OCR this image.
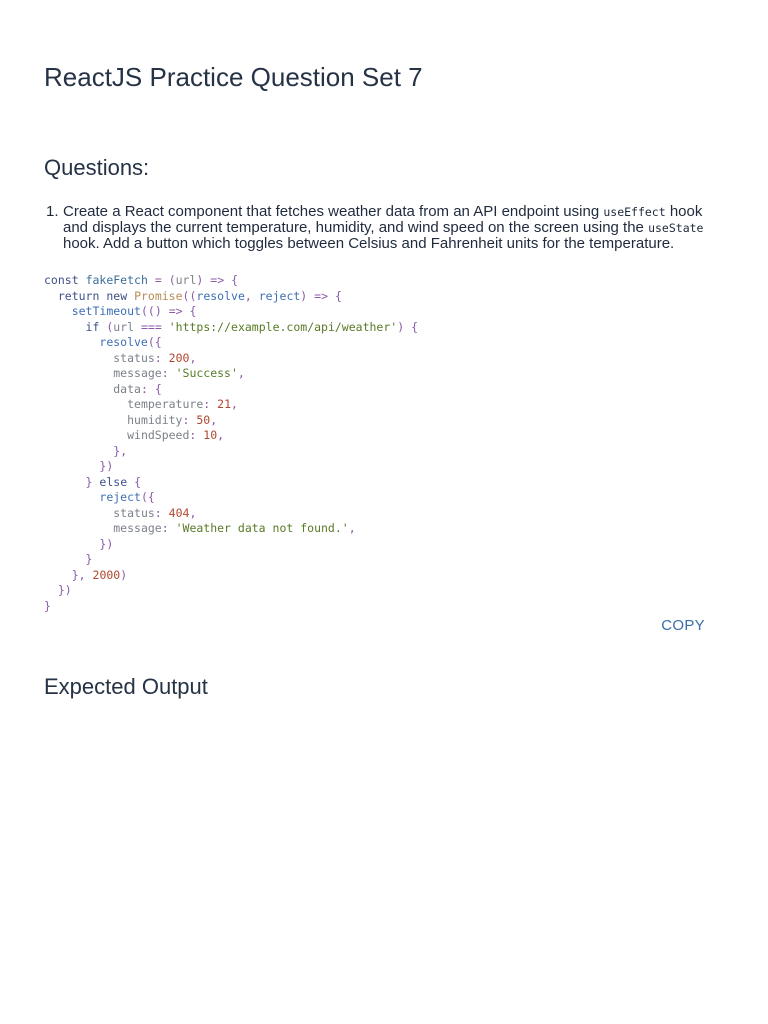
ReactJS Practice Question Set 7
Questions:
1. Create a React component that fetches weather data from an API endpoint using useEffect hook and displays the current temperature, humidity, and wind speed on the screen using the useState hook. Add a button which toggles between Celsius and Fahrenheit units for the temperature.
const fakeFetch = (url) => {
return new Promise((resolve, reject) => {
setTimeout(() => {
if (url === 'https://example.com/api/weather') {
resolve({
status: 200,
message: 'Success',
data: {
temperature: 21,
humidity: 50,
windSpeed: 10,
},
})
} else {
reject({
status: 404,
message: 'Weather data not found.',
})
}
}, 2000)
})
}
COPY
Expected Output
